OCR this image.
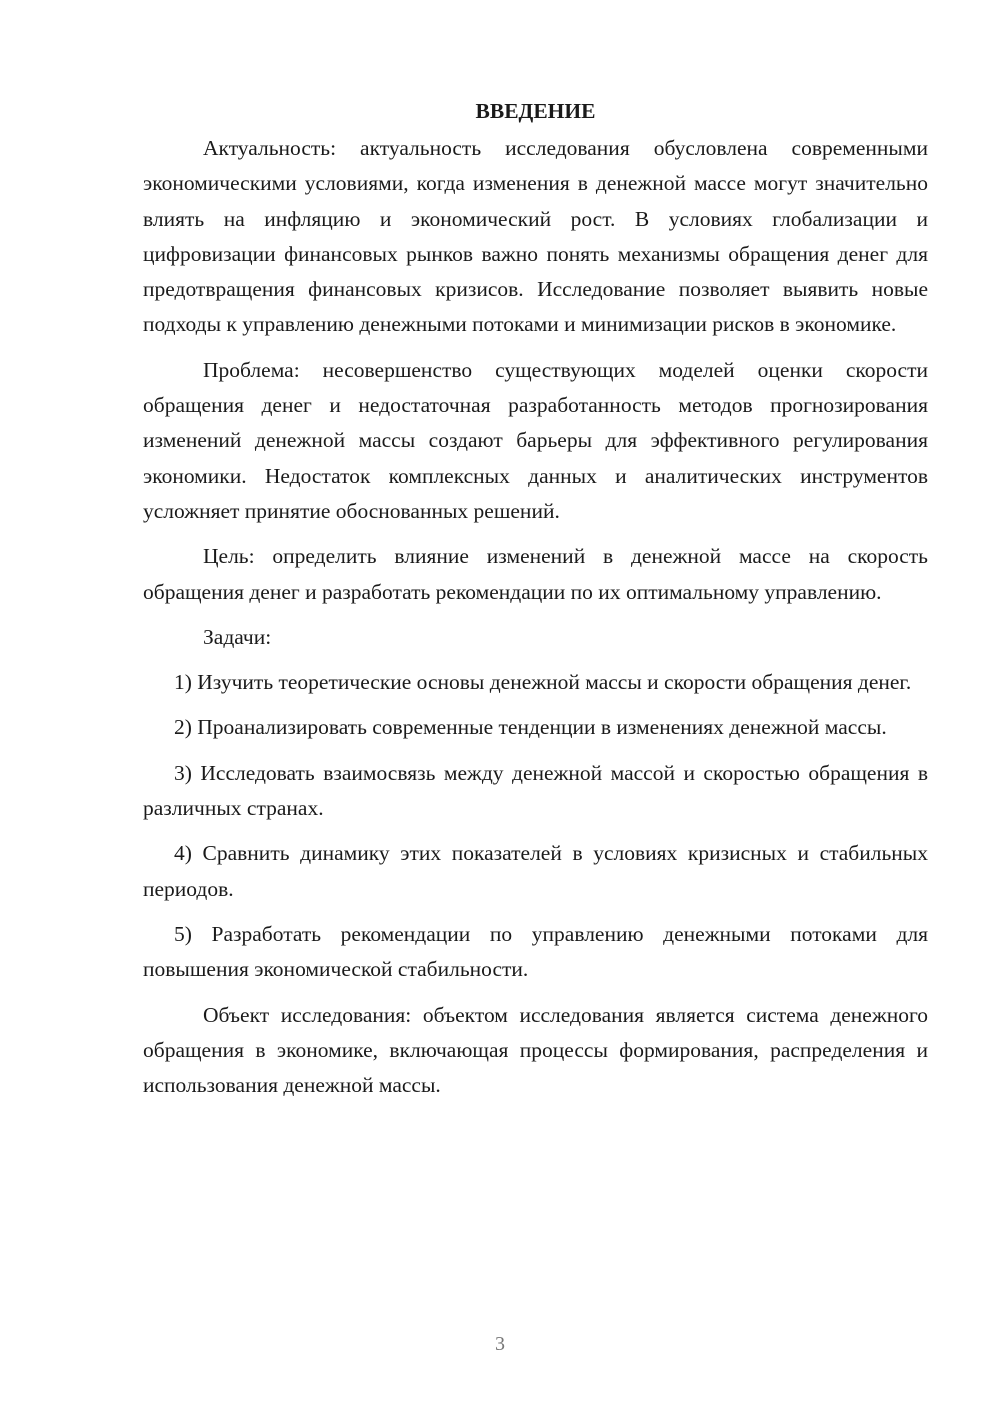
ВВЕДЕНИЕ

Актуальность: актуальность исследования обусловлена современными экономическими условиями, когда изменения в денежной массе могут значительно влиять на инфляцию и экономический рост. В условиях глобализации и цифровизации финансовых рынков важно понять механизмы обращения денег для предотвращения финансовых кризисов. Исследование позволяет выявить новые подходы к управлению денежными потоками и минимизации рисков в экономике.

Проблема: несовершенство существующих моделей оценки скорости обращения денег и недостаточная разработанность методов прогнозирования изменений денежной массы создают барьеры для эффективного регулирования экономики. Недостаток комплексных данных и аналитических инструментов усложняет принятие обоснованных решений.

Цель: определить влияние изменений в денежной массе на скорость обращения денег и разработать рекомендации по их оптимальному управлению.

Задачи:

1) Изучить теоретические основы денежной массы и скорости обращения денег.

2) Проанализировать современные тенденции в изменениях денежной массы.

3) Исследовать взаимосвязь между денежной массой и скоростью обращения в различных странах.

4) Сравнить динамику этих показателей в условиях кризисных и стабильных периодов.

5) Разработать рекомендации по управлению денежными потоками для повышения экономической стабильности.

Объект исследования: объектом исследования является система денежного обращения в экономике, включающая процессы формирования, распределения и использования денежной массы.

3
